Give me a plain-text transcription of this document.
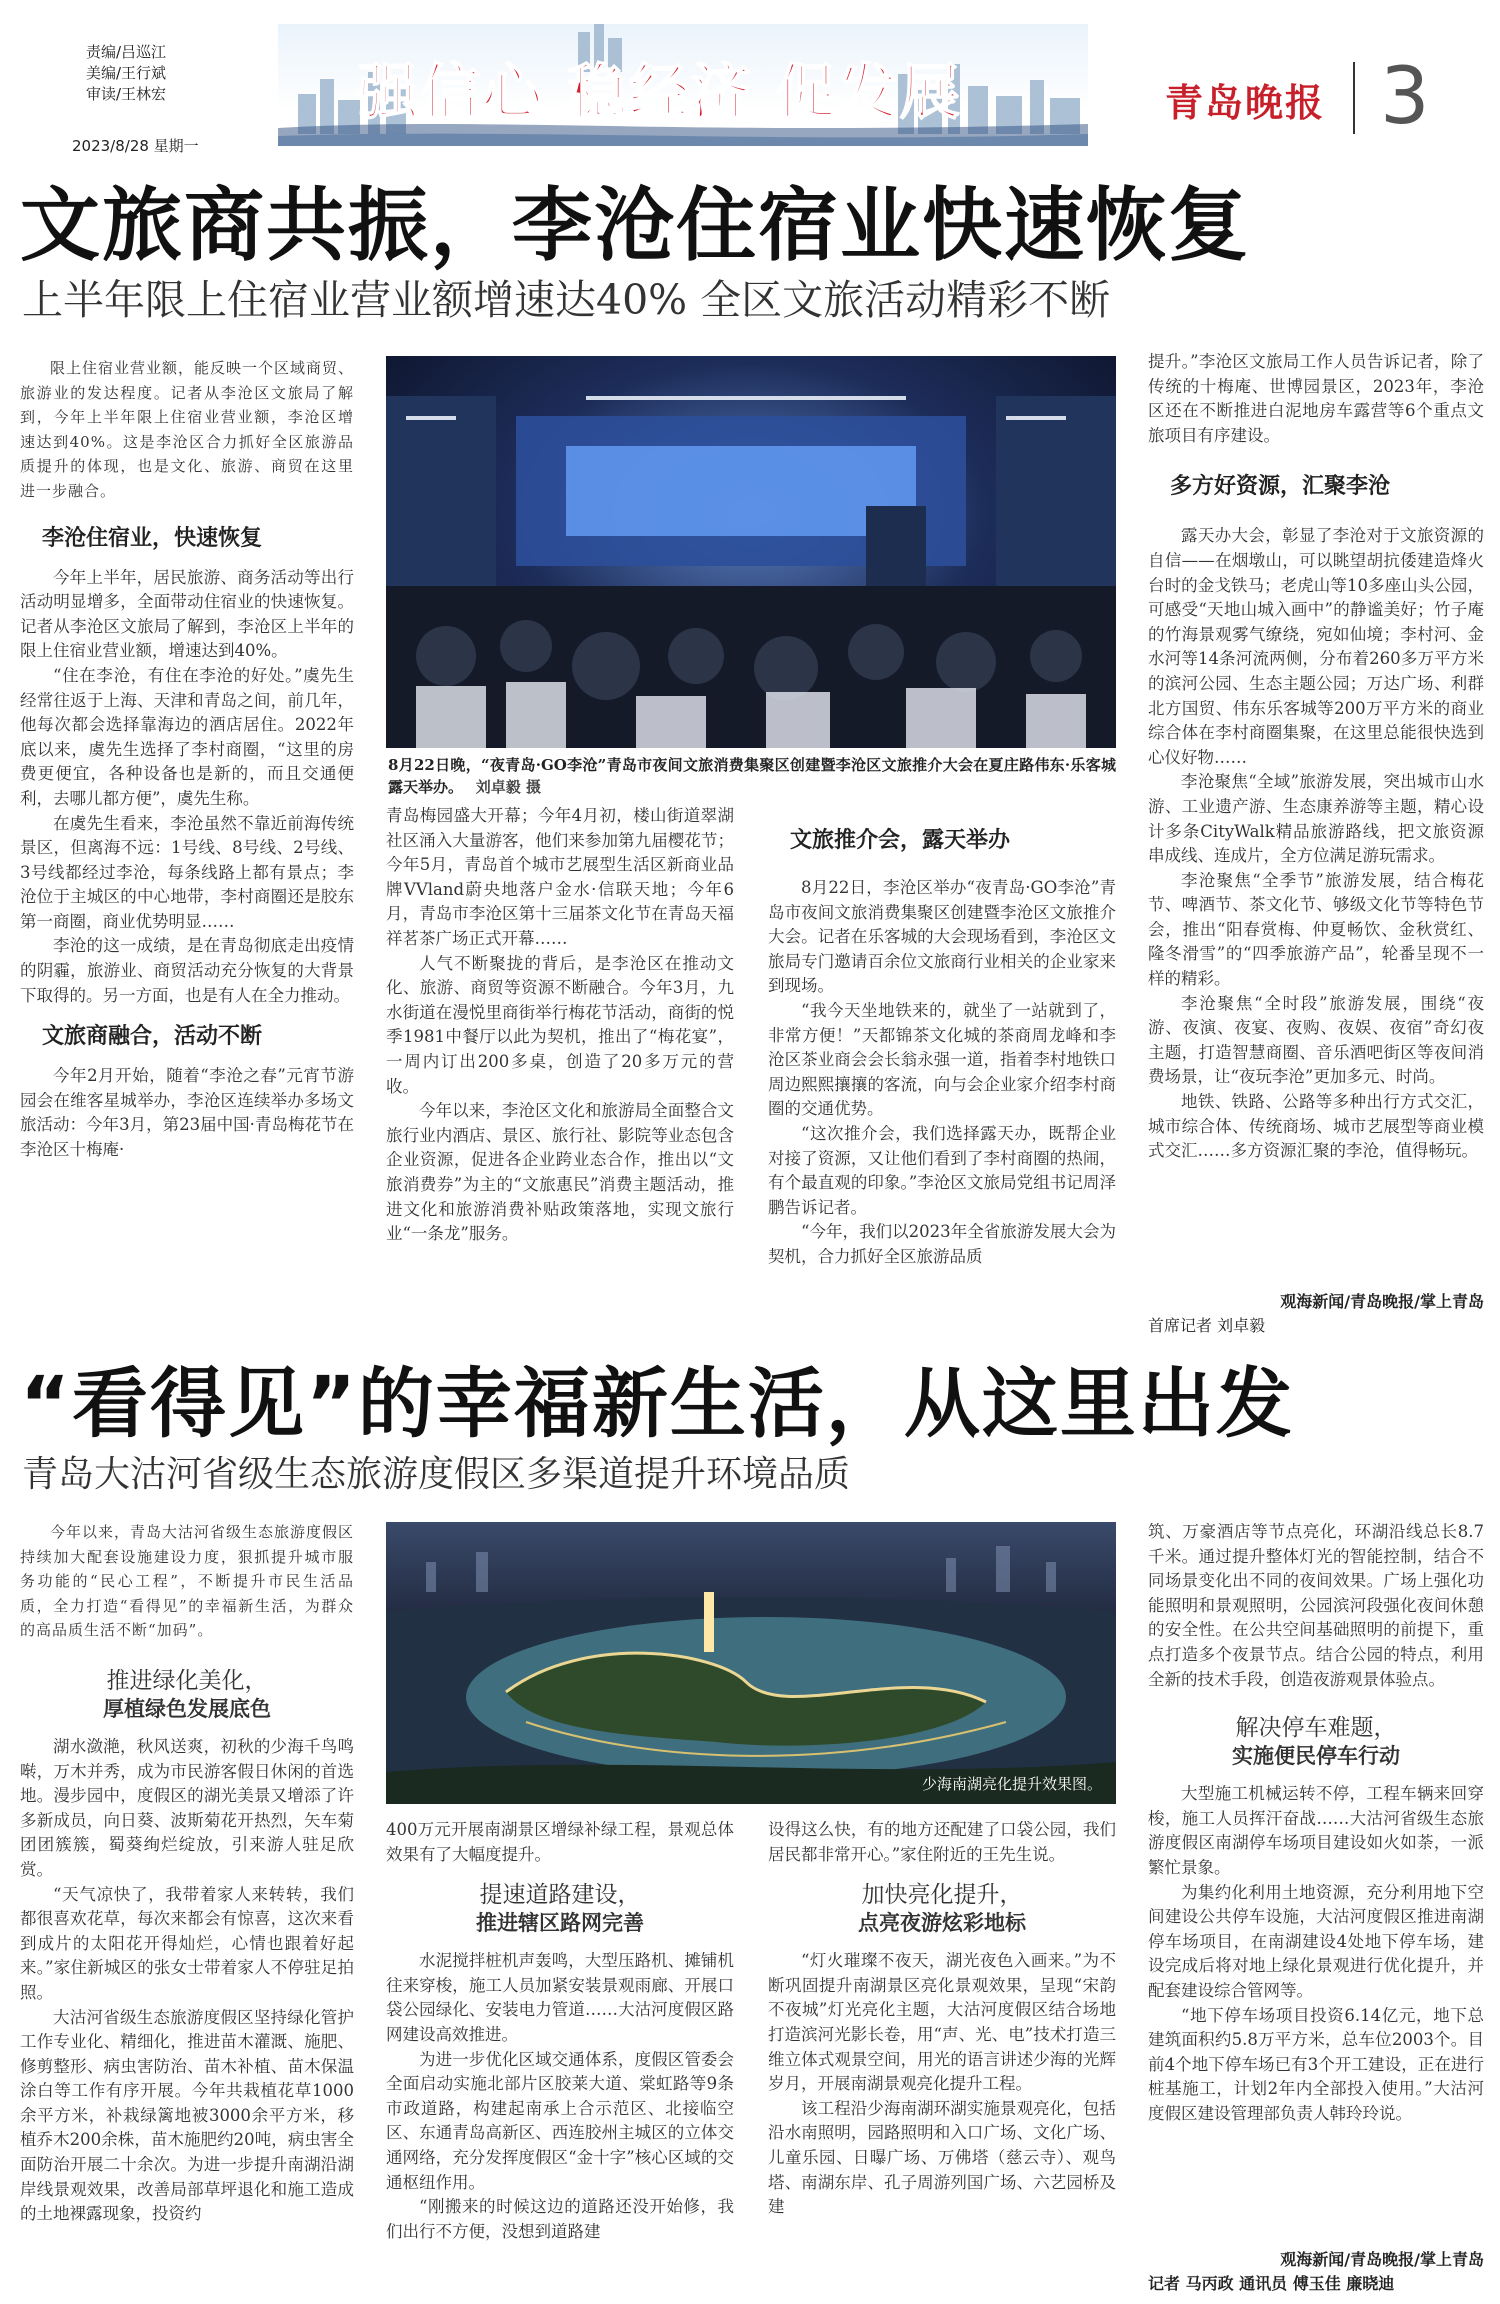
责编/吕巡江
美编/王行斌
审读/王林宏
2023/8/28 星期一
强信心 稳经济 促发展	青岛晚报 3
文旅商共振，李沧住宿业快速恢复
上半年限上住宿业营业额增速达40% 全区文旅活动精彩不断
8月22日晚，“夜青岛·GO李沧”青岛市夜间文旅消费集聚区创建暨李沧区文旅推介大会在夏庄路伟东·乐客城露天举办。 刘卓毅 摄

限上住宿业营业额，能反映一个区域商贸、旅游业的发达程度。记者从李沧区文旅局了解到，今年上半年限上住宿业营业额，李沧区增速达到40%。这是李沧区合力抓好全区旅游品质提升的体现，也是文化、旅游、商贸在这里进一步融合。

李沧住宿业，快速恢复

今年上半年，居民旅游、商务活动等出行活动明显增多，全面带动住宿业的快速恢复。记者从李沧区文旅局了解到，李沧区上半年的限上住宿业营业额，增速达到40%。

“住在李沧，有住在李沧的好处。”虞先生经常往返于上海、天津和青岛之间，前几年，他每次都会选择靠海边的酒店居住。2022年底以来，虞先生选择了李村商圈，“这里的房费更便宜，各种设备也是新的，而且交通便利，去哪儿都方便”，虞先生称。

在虞先生看来，李沧虽然不靠近前海传统景区，但离海不远：1号线、8号线、2号线、3号线都经过李沧，每条线路上都有景点；李沧位于主城区的中心地带，李村商圈还是胶东第一商圈，商业优势明显……

李沧的这一成绩，是在青岛彻底走出疫情的阴霾，旅游业、商贸活动充分恢复的大背景下取得的。另一方面，也是有人在全力推动。

文旅商融合，活动不断

今年2月开始，随着“李沧之春”元宵节游园会在维客星城举办，李沧区连续举办多场文旅活动：今年3月，第23届中国·青岛梅花节在李沧区十梅庵·

青岛梅园盛大开幕；今年4月初，楼山街道翠湖社区涌入大量游客，他们来参加第九届樱花节；今年5月，青岛首个城市艺展型生活区新商业品牌VVland蔚央地落户金水·信联天地；今年6月，青岛市李沧区第十三届茶文化节在青岛天福祥茗茶广场正式开幕……

人气不断聚拢的背后，是李沧区在推动文化、旅游、商贸等资源不断融合。今年3月，九水街道在漫悦里商街举行梅花节活动，商街的悦季1981中餐厅以此为契机，推出了“梅花宴”，一周内订出200多桌，创造了20多万元的营收。

今年以来，李沧区文化和旅游局全面整合文旅行业内酒店、景区、旅行社、影院等业态包含企业资源，促进各企业跨业态合作，推出以“文旅消费券”为主的“文旅惠民”消费主题活动，推进文化和旅游消费补贴政策落地，实现文旅行业“一条龙”服务。

文旅推介会，露天举办

8月22日，李沧区举办“夜青岛·GO李沧”青岛市夜间文旅消费集聚区创建暨李沧区文旅推介大会。记者在乐客城的大会现场看到，李沧区文旅局专门邀请百余位文旅商行业相关的企业家来到现场。

“我今天坐地铁来的，就坐了一站就到了，非常方便！”天都锦茶文化城的茶商周龙峰和李沧区茶业商会会长翁永强一道，指着李村地铁口周边熙熙攘攘的客流，向与会企业家介绍李村商圈的交通优势。

“这次推介会，我们选择露天办，既帮企业对接了资源，又让他们看到了李村商圈的热闹，有个最直观的印象。”李沧区文旅局党组书记周泽鹏告诉记者。

“今年，我们以2023年全省旅游发展大会为契机，合力抓好全区旅游品质

提升。”李沧区文旅局工作人员告诉记者，除了传统的十梅庵、世博园景区，2023年，李沧区还在不断推进白泥地房车露营等6个重点文旅项目有序建设。

多方好资源，汇聚李沧

露天办大会，彰显了李沧对于文旅资源的自信——在烟墩山，可以眺望胡抗倭建造烽火台时的金戈铁马；老虎山等10多座山头公园，可感受“天地山城入画中”的静谧美好；竹子庵的竹海景观雾气缭绕，宛如仙境；李村河、金水河等14条河流两侧，分布着260多万平方米的滨河公园、生态主题公园；万达广场、利群北方国贸、伟东乐客城等200万平方米的商业综合体在李村商圈集聚，在这里总能很快选到心仪好物……

李沧聚焦“全域”旅游发展，突出城市山水游、工业遗产游、生态康养游等主题，精心设计多条CityWalk精品旅游路线，把文旅资源串成线、连成片，全方位满足游玩需求。

李沧聚焦“全季节”旅游发展，结合梅花节、啤酒节、茶文化节、够级文化节等特色节会，推出“阳春赏梅、仲夏畅饮、金秋赏红、隆冬滑雪”的“四季旅游产品”，轮番呈现不一样的精彩。

李沧聚焦“全时段”旅游发展，围绕“夜游、夜演、夜宴、夜购、夜娱、夜宿”奇幻夜主题，打造智慧商圈、音乐酒吧街区等夜间消费场景，让“夜玩李沧”更加多元、时尚。

地铁、铁路、公路等多种出行方式交汇，城市综合体、传统商场、城市艺展型等商业模式交汇……多方资源汇聚的李沧，值得畅玩。

观海新闻/青岛晚报/掌上青岛
首席记者 刘卓毅
“看得见”的幸福新生活，从这里出发
青岛大沽河省级生态旅游度假区多渠道提升环境品质
少海南湖亮化提升效果图。

今年以来，青岛大沽河省级生态旅游度假区持续加大配套设施建设力度，狠抓提升城市服务功能的“民心工程”，不断提升市民生活品质，全力打造“看得见”的幸福新生活，为群众的高品质生活不断“加码”。

推进绿化美化，
厚植绿色发展底色

湖水潋滟，秋风送爽，初秋的少海千鸟鸣啭，万木并秀，成为市民游客假日休闲的首选地。漫步园中，度假区的湖光美景又增添了许多新成员，向日葵、波斯菊花开热烈，矢车菊团团簇簇，蜀葵绚烂绽放，引来游人驻足欣赏。

“天气凉快了，我带着家人来转转，我们都很喜欢花草，每次来都会有惊喜，这次来看到成片的太阳花开得灿烂，心情也跟着好起来。”家住新城区的张女士带着家人不停驻足拍照。

大沽河省级生态旅游度假区坚持绿化管护工作专业化、精细化，推进苗木灌溉、施肥、修剪整形、病虫害防治、苗木补植、苗木保温涂白等工作有序开展。今年共栽植花草1000余平方米，补栽绿篱地被3000余平方米，移植乔木200余株，苗木施肥约20吨，病虫害全面防治开展二十余次。为进一步提升南湖沿湖岸线景观效果，改善局部草坪退化和施工造成的土地裸露现象，投资约

400万元开展南湖景区增绿补绿工程，景观总体效果有了大幅度提升。

提速道路建设，
推进辖区路网完善

水泥搅拌桩机声轰鸣，大型压路机、摊铺机往来穿梭，施工人员加紧安装景观雨廊、开展口袋公园绿化、安装电力管道……大沽河度假区路网建设高效推进。

为进一步优化区域交通体系，度假区管委会全面启动实施北部片区胶莱大道、棠虹路等9条市政道路，构建起南承上合示范区、北接临空区、东通青岛高新区、西连胶州主城区的立体交通网络，充分发挥度假区“金十字”核心区域的交通枢纽作用。

“刚搬来的时候这边的道路还没开始修，我们出行不方便，没想到道路建

设得这么快，有的地方还配建了口袋公园，我们居民都非常开心。”家住附近的王先生说。

加快亮化提升，
点亮夜游炫彩地标

“灯火璀璨不夜天，湖光夜色入画来。”为不断巩固提升南湖景区亮化景观效果，呈现“宋韵不夜城”灯光亮化主题，大沽河度假区结合场地打造滨河光影长卷，用“声、光、电”技术打造三维立体式观景空间，用光的语言讲述少海的光辉岁月，开展南湖景观亮化提升工程。

该工程沿少海南湖环湖实施景观亮化，包括沿水南照明，园路照明和入口广场、文化广场、儿童乐园、日曝广场、万佛塔（慈云寺）、观鸟塔、南湖东岸、孔子周游列国广场、六艺园桥及建

筑、万豪酒店等节点亮化，环湖沿线总长8.7千米。通过提升整体灯光的智能控制，结合不同场景变化出不同的夜间效果。广场上强化功能照明和景观照明，公园滨河段强化夜间休憩的安全性。在公共空间基础照明的前提下，重点打造多个夜景节点。结合公园的特点，利用全新的技术手段，创造夜游观景体验点。

解决停车难题，
实施便民停车行动

大型施工机械运转不停，工程车辆来回穿梭，施工人员挥汗奋战……大沽河省级生态旅游度假区南湖停车场项目建设如火如荼，一派繁忙景象。

为集约化利用土地资源，充分利用地下空间建设公共停车设施，大沽河度假区推进南湖停车场项目，在南湖建设4处地下停车场，建设完成后将对地上绿化景观进行优化提升，并配套建设综合管网等。

“地下停车场项目投资6.14亿元，地下总建筑面积约5.8万平方米，总车位2003个。目前4个地下停车场已有3个开工建设，正在进行桩基施工，计划2年内全部投入使用。”大沽河度假区建设管理部负责人韩玲玲说。

观海新闻/青岛晚报/掌上青岛
记者 马丙政 通讯员 傅玉佳 廉晓迪
